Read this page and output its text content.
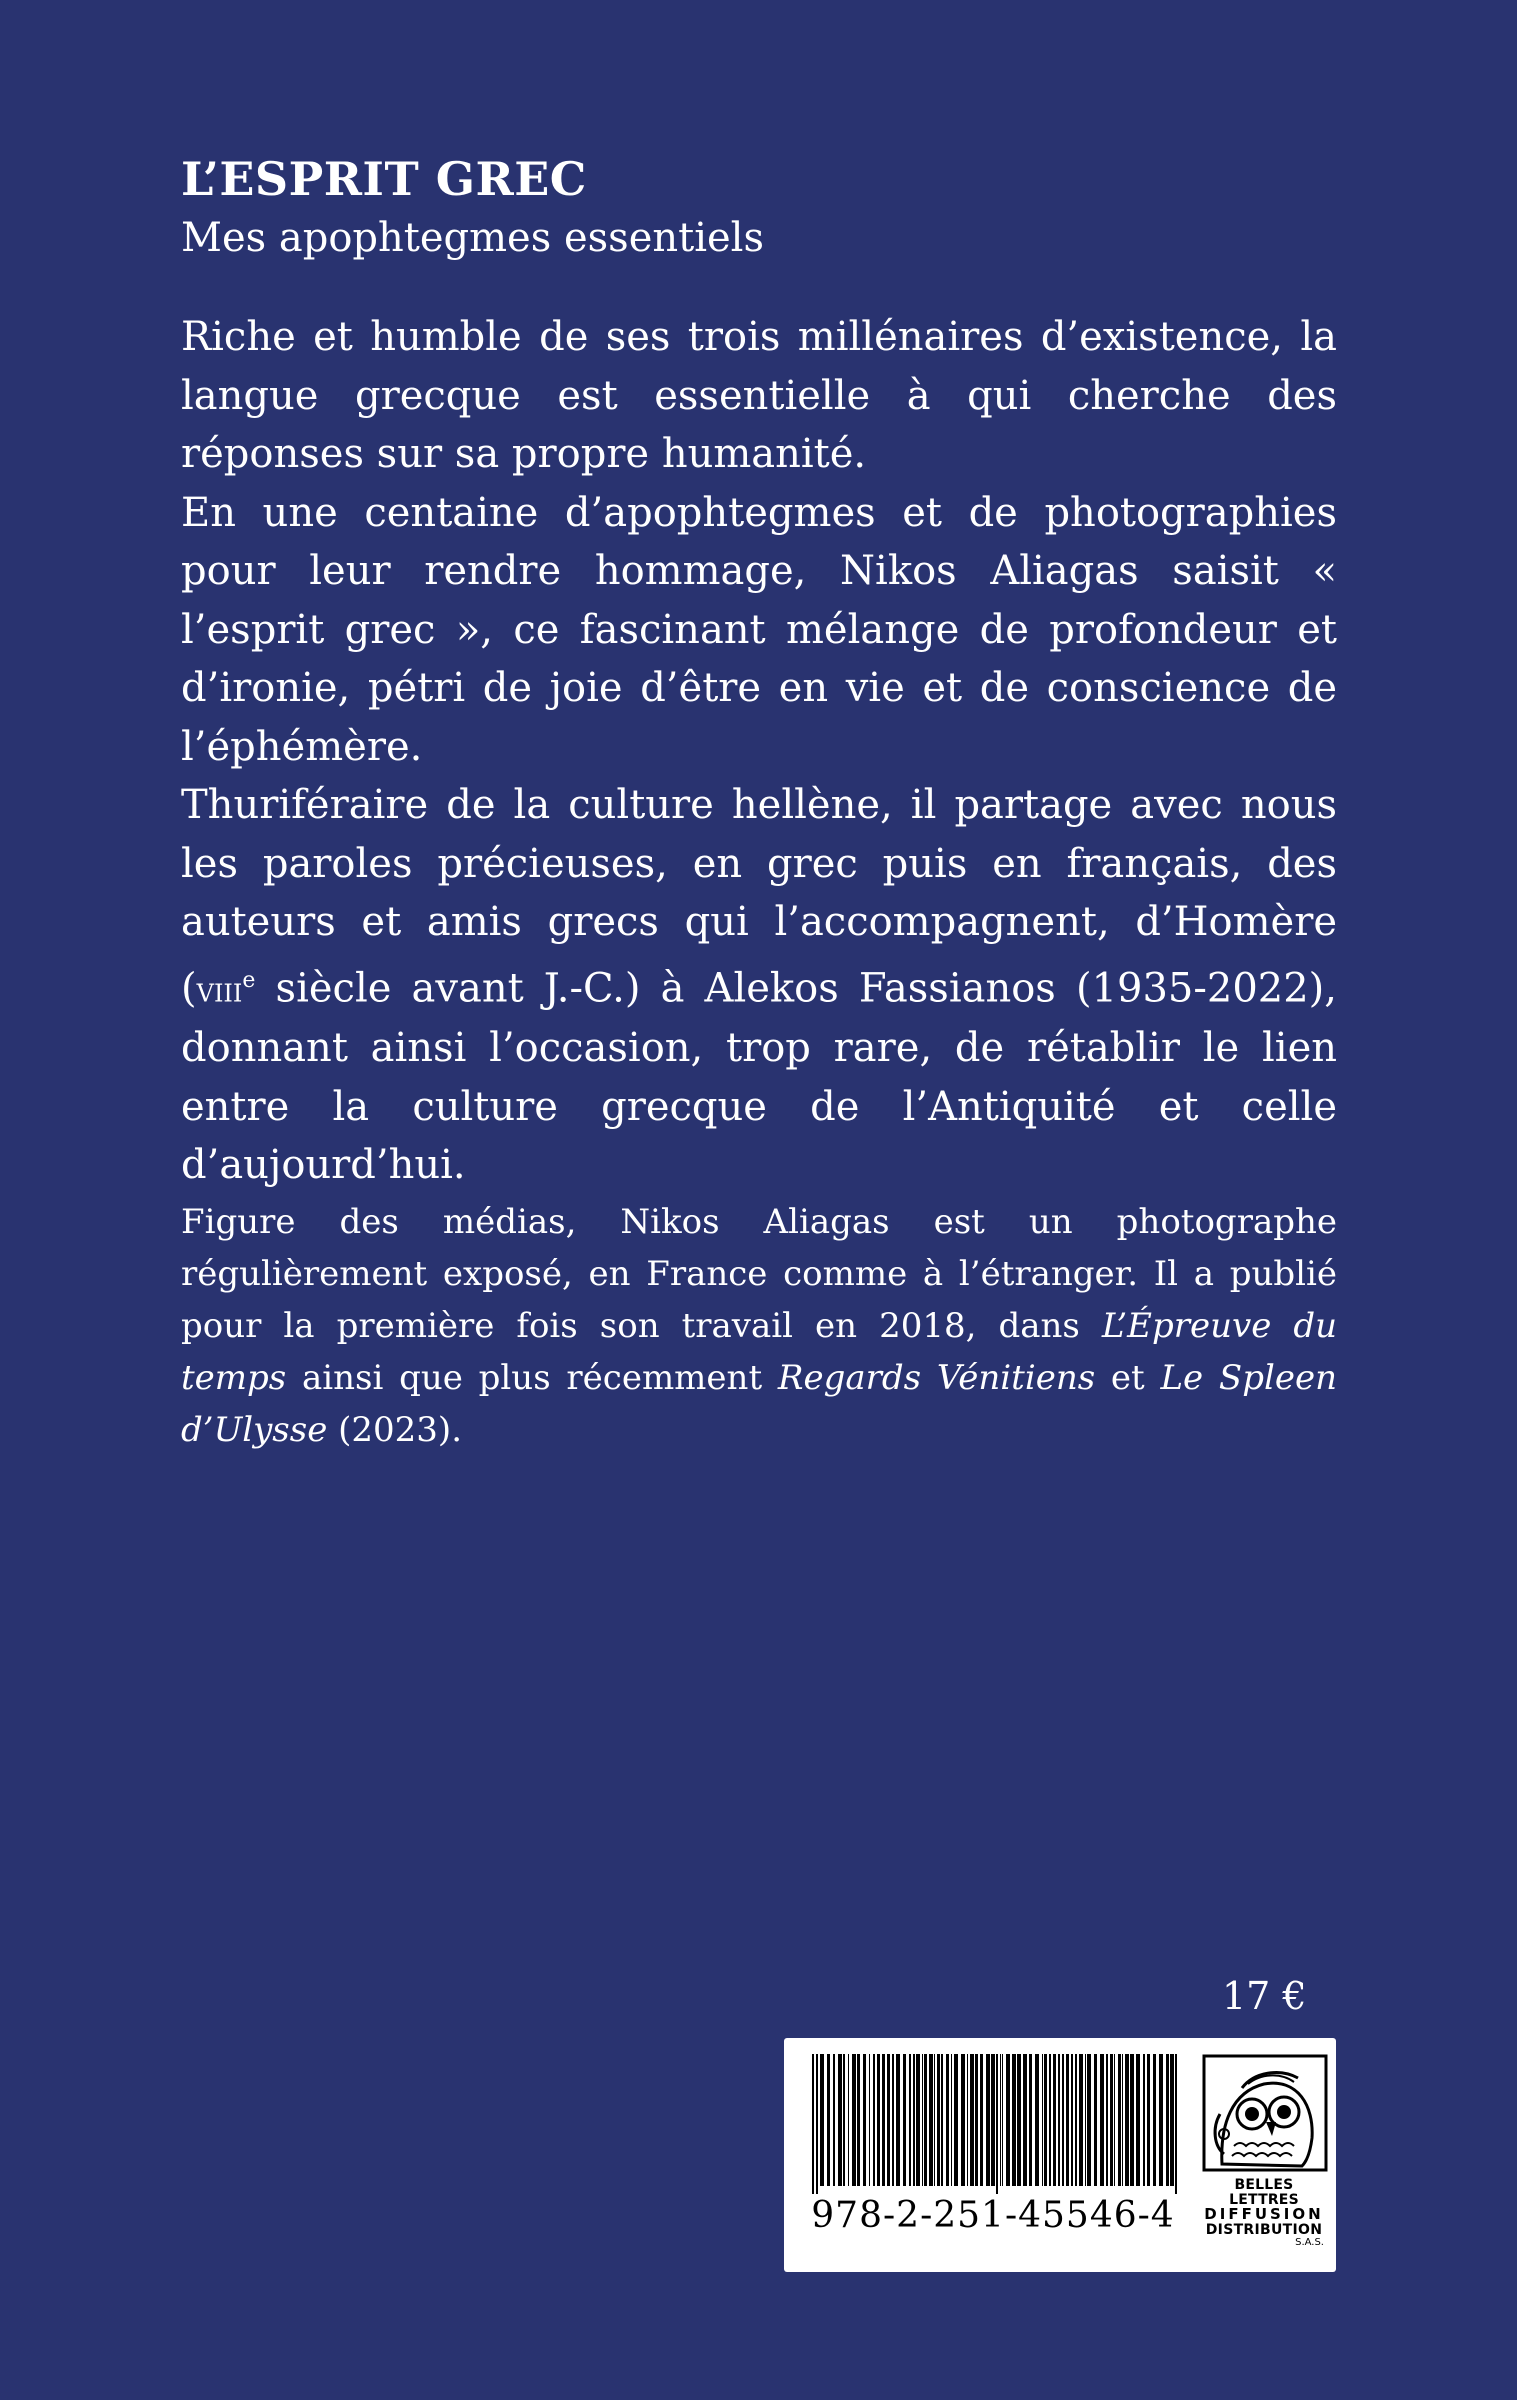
L’ESPRIT GREC
Mes apophtegmes essentiels

Riche et humble de ses trois millénaires d’existence, la langue grecque est essentielle à qui cherche des réponses sur sa propre humanité.

En une centaine d’apophtegmes et de photographies pour leur rendre hommage, Nikos Aliagas saisit « l’esprit grec », ce fascinant mélange de profondeur et d’ironie, pétri de joie d’être en vie et de conscience de l’éphémère.

Thuriféraire de la culture hellène, il partage avec nous les paroles précieuses, en grec puis en français, des auteurs et amis grecs qui l’accompagnent, d’Homère (viii$^e$ siècle avant J.-C.) à Alekos Fassianos (1935-2022), donnant ainsi l’occasion, trop rare, de rétablir le lien entre la culture grecque de l’Antiquité et celle d’aujourd’hui.

Figure des médias, Nikos Aliagas est un photographe régulièrement exposé, en France comme à l’étranger. Il a publié pour la première fois son travail en 2018, dans L’Épreuve du temps ainsi que plus récemment Regards Vénitiens et Le Spleen d’Ulysse (2023).

17 €

978-2-251-45546-4
BELLES LETTRES
DIFFUSION
DISTRIBUTION
S.A.S.
